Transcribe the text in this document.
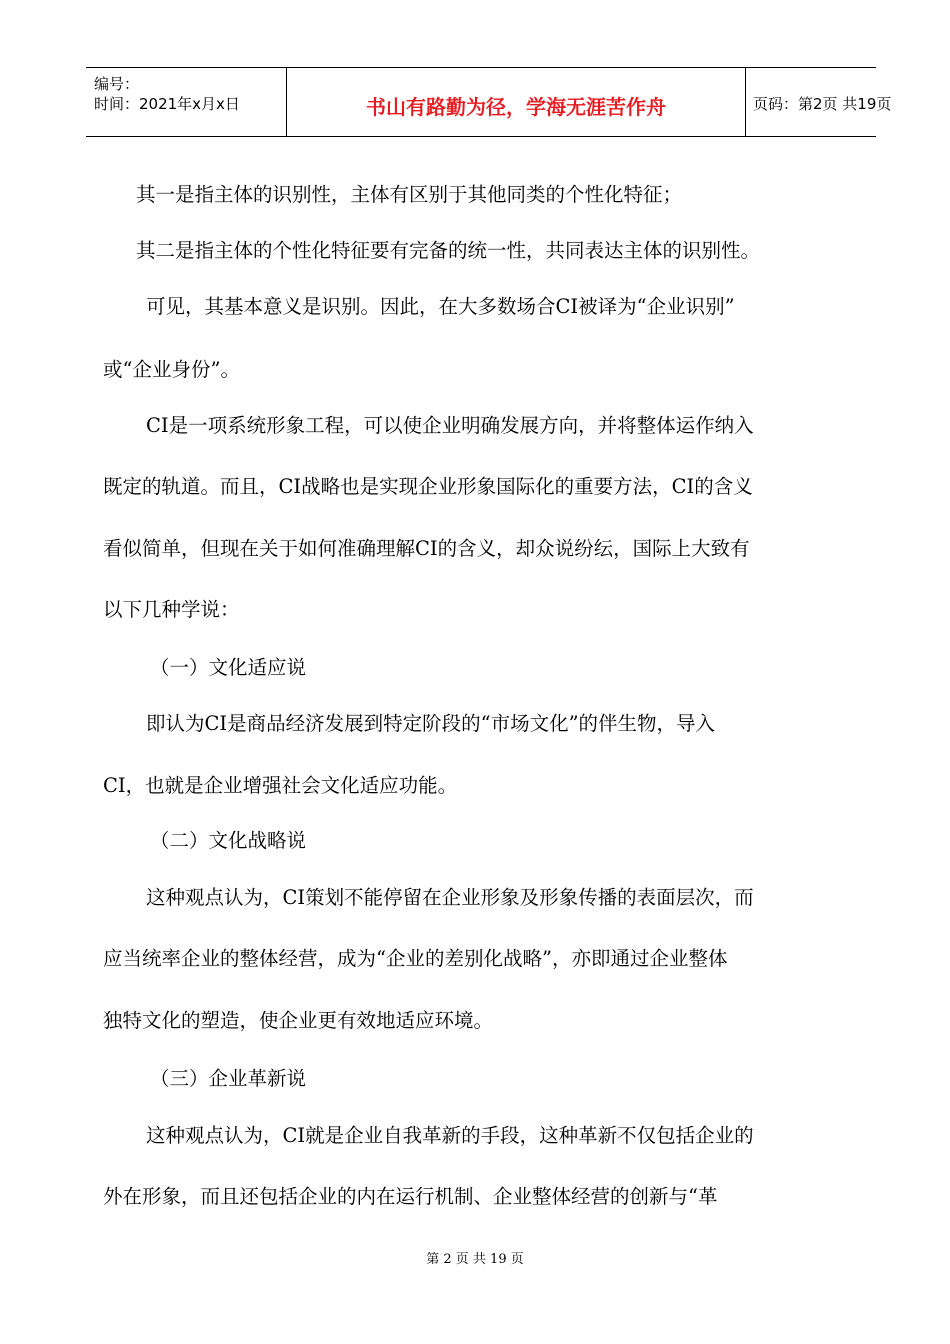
编号：
时间：2021年x月x日	书山有路勤为径，学海无涯苦作舟	页码：第2页 共19页
其一是指主体的识别性，主体有区别于其他同类的个性化特征；
其二是指主体的个性化特征要有完备的统一性，共同表达主体的识别性。
可见，其基本意义是识别。因此，在大多数场合CI被译为“企业识别”
或“企业身份”。
CI是一项系统形象工程，可以使企业明确发展方向，并将整体运作纳入
既定的轨道。而且，CI战略也是实现企业形象国际化的重要方法，CI的含义
看似简单，但现在关于如何准确理解CI的含义，却众说纷纭，国际上大致有
以下几种学说：
（一）文化适应说
即认为CI是商品经济发展到特定阶段的“市场文化”的伴生物，导入
CI，也就是企业增强社会文化适应功能。
（二）文化战略说
这种观点认为，CI策划不能停留在企业形象及形象传播的表面层次，而
应当统率企业的整体经营，成为“企业的差别化战略”，亦即通过企业整体
独特文化的塑造，使企业更有效地适应环境。
（三）企业革新说
这种观点认为，CI就是企业自我革新的手段，这种革新不仅包括企业的
外在形象，而且还包括企业的内在运行机制、企业整体经营的创新与“革
第 2 页 共 19 页
